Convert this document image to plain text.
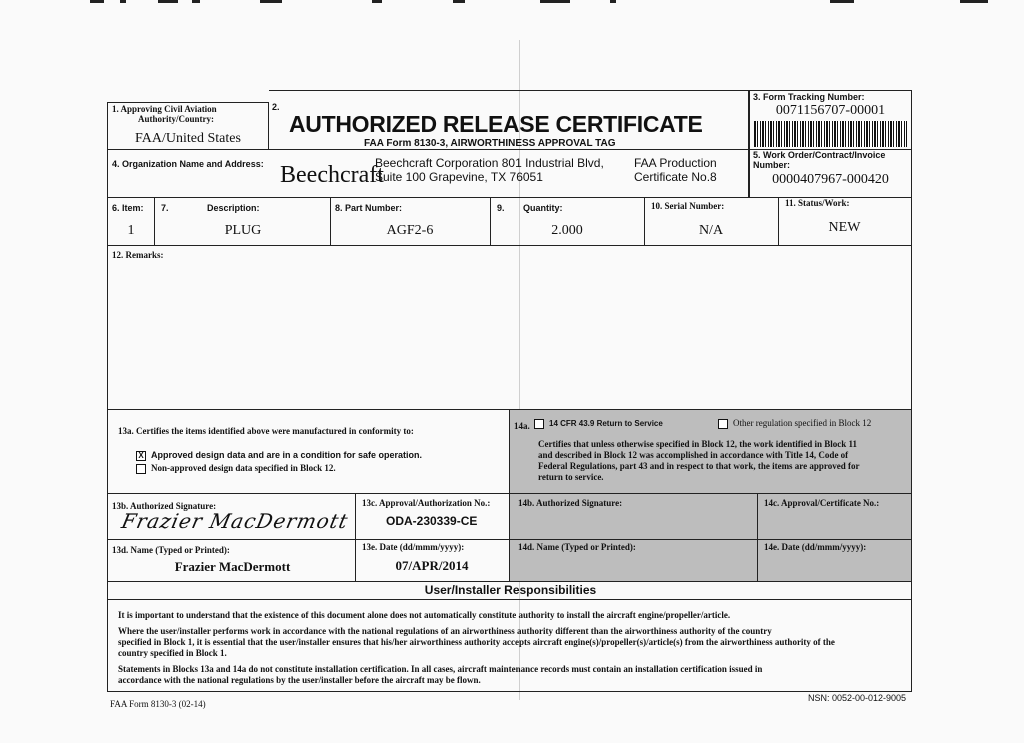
1. Approving Civil Aviation
Authority/Country:
FAA/United States
2.
AUTHORIZED RELEASE CERTIFICATE
FAA Form 8130-3, AIRWORTHINESS APPROVAL TAG
3. Form Tracking Number:
0071156707-00001
4. Organization Name and Address: Beechcraft
Beechcraft Corporation 801 Industrial Blvd,
Suite 100 Grapevine, TX 76051
FAA Production
Certificate No.8
5. Work Order/Contract/Invoice
Number:
0000407967-000420
6. Item:
1
7.	Description:
PLUG
8. Part Number:
AGF2-6
9. Quantity:
2.000
10. Serial Number:
N/A
11. Status/Work:
NEW
12. Remarks:
13a. Certifies the items identified above were manufactured in conformity to:
X Approved design data and are in a condition for safe operation.
Non-approved design data specified in Block 12.
14a.	14 CFR 43.9 Return to Service	Other regulation specified in Block 12
Certifies that unless otherwise specified in Block 12, the work identified in Block 11
and described in Block 12 was accomplished in accordance with Title 14, Code of
Federal Regulations, part 43 and in respect to that work, the items are approved for
return to service.
13b. Authorized Signature:
Frazier MacDermott
13c. Approval/Authorization No.:
ODA-230339-CE
14b. Authorized Signature:	14c. Approval/Certificate No.:
13d. Name (Typed or Printed):
Frazier MacDermott
13e. Date (dd/mmm/yyyy):
07/APR/2014
14d. Name (Typed or Printed):	14e. Date (dd/mmm/yyyy):
User/Installer Responsibilities
It is important to understand that the existence of this document alone does not automatically constitute authority to install the aircraft engine/propeller/article.
Where the user/installer performs work in accordance with the national regulations of an airworthiness authority different than the airworthiness authority of the country
specified in Block 1, it is essential that the user/installer ensures that his/her airworthiness authority accepts aircraft engine(s)/propeller(s)/article(s) from the airworthiness authority of the
country specified in Block 1.
Statements in Blocks 13a and 14a do not constitute installation certification. In all cases, aircraft maintenance records must contain an installation certification issued in
accordance with the national regulations by the user/installer before the aircraft may be flown.
FAA Form 8130-3 (02-14)
NSN: 0052-00-012-9005
